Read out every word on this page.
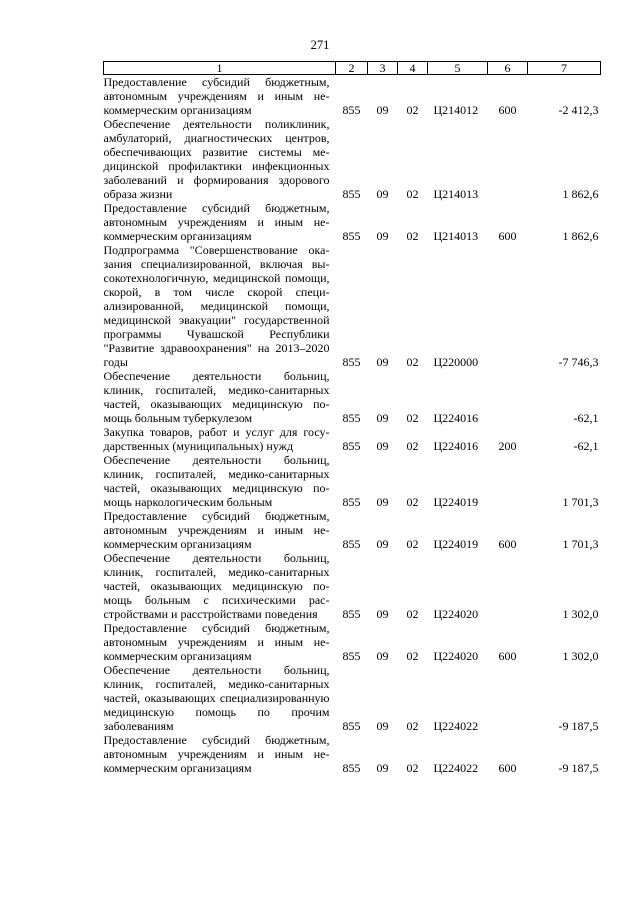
271
1	2	3	4	5	6	7
Предоставление субсидий бюджетным, автономным учреждениям и иным некоммерческим организациям	855	09	02	Ц214012	600	-2 412,3
Обеспечение деятельности поликлиник, амбулаторий, диагностических центров, обеспечивающих развитие системы медицинской профилактики инфекционных заболеваний и формирования здорового образа жизни	855	09	02	Ц214013		1 862,6
Предоставление субсидий бюджетным, автономным учреждениям и иным некоммерческим организациям	855	09	02	Ц214013	600	1 862,6
Подпрограмма "Совершенствование оказания специализированной, включая высокотехнологичную, медицинской помощи, скорой, в том числе скорой специализированной, медицинской помощи, медицинской эвакуации" государственной программы Чувашской Республики "Развитие здравоохранения" на 2013–2020 годы	855	09	02	Ц220000		-7 746,3
Обеспечение деятельности больниц, клиник, госпиталей, медико-санитарных частей, оказывающих медицинскую помощь больным туберкулезом	855	09	02	Ц224016		-62,1
Закупка товаров, работ и услуг для государственных (муниципальных) нужд	855	09	02	Ц224016	200	-62,1
Обеспечение деятельности больниц, клиник, госпиталей, медико-санитарных частей, оказывающих медицинскую помощь наркологическим больным	855	09	02	Ц224019		1 701,3
Предоставление субсидий бюджетным, автономным учреждениям и иным некоммерческим организациям	855	09	02	Ц224019	600	1 701,3
Обеспечение деятельности больниц, клиник, госпиталей, медико-санитарных частей, оказывающих медицинскую помощь больным с психическими расстройствами и расстройствами поведения	855	09	02	Ц224020		1 302,0
Предоставление субсидий бюджетным, автономным учреждениям и иным некоммерческим организациям	855	09	02	Ц224020	600	1 302,0
Обеспечение деятельности больниц, клиник, госпиталей, медико-санитарных частей, оказывающих специализированную медицинскую помощь по прочим заболеваниям	855	09	02	Ц224022		-9 187,5
Предоставление субсидий бюджетным, автономным учреждениям и иным некоммерческим организациям	855	09	02	Ц224022	600	-9 187,5
